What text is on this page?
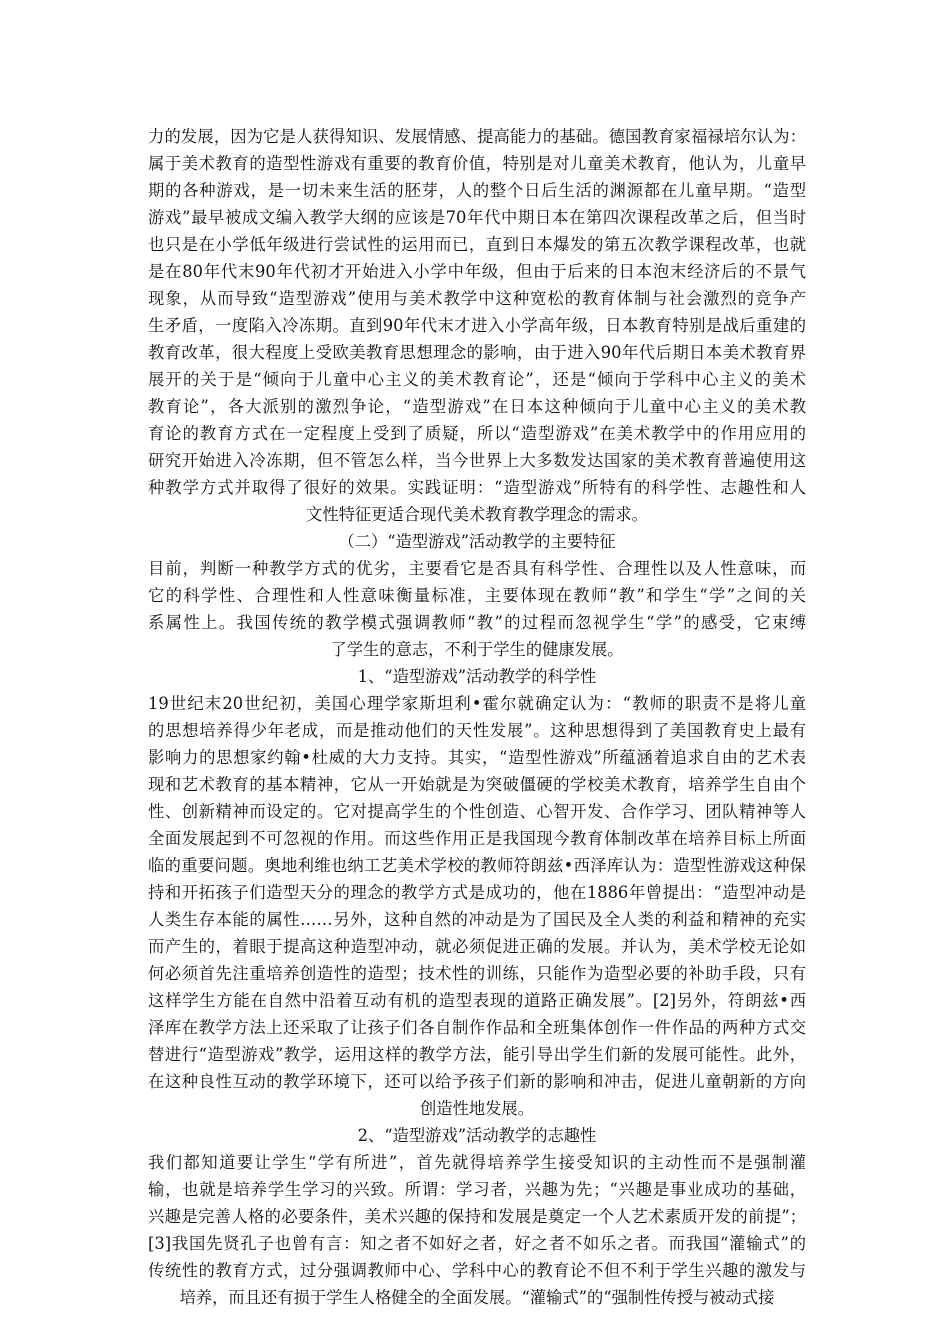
力的发展，因为它是人获得知识、发展情感、提高能力的基础。德国教育家福禄培尔认为：
属于美术教育的造型性游戏有重要的教育价值，特别是对儿童美术教育，他认为，儿童早
期的各种游戏，是一切未来生活的胚芽，人的整个日后生活的渊源都在儿童早期。“造型
游戏”最早被成文编入教学大纲的应该是70年代中期日本在第四次课程改革之后，但当时
也只是在小学低年级进行尝试性的运用而已，直到日本爆发的第五次教学课程改革，也就
是在80年代末90年代初才开始进入小学中年级，但由于后来的日本泡末经济后的不景气
现象，从而导致“造型游戏”使用与美术教学中这种宽松的教育体制与社会激烈的竞争产
生矛盾，一度陷入冷冻期。直到90年代末才进入小学高年级，日本教育特别是战后重建的
教育改革，很大程度上受欧美教育思想理念的影响，由于进入90年代后期日本美术教育界
展开的关于是“倾向于儿童中心主义的美术教育论”，还是“倾向于学科中心主义的美术
教育论”，各大派别的激烈争论，“造型游戏”在日本这种倾向于儿童中心主义的美术教
育论的教育方式在一定程度上受到了质疑，所以“造型游戏”在美术教学中的作用应用的
研究开始进入冷冻期，但不管怎么样，当今世界上大多数发达国家的美术教育普遍使用这
种教学方式并取得了很好的效果。实践证明：“造型游戏”所特有的科学性、志趣性和人
文性特征更适合现代美术教育教学理念的需求。
（二）“造型游戏”活动教学的主要特征
目前，判断一种教学方式的优劣，主要看它是否具有科学性、合理性以及人性意味，而
它的科学性、合理性和人性意味衡量标准，主要体现在教师“教”和学生“学”之间的关
系属性上。我国传统的教学模式强调教师“教”的过程而忽视学生“学”的感受，它束缚
了学生的意志，不利于学生的健康发展。
1、“造型游戏”活动教学的科学性
19世纪末20世纪初，美国心理学家斯坦利•霍尔就确定认为：“教师的职责不是将儿童
的思想培养得少年老成，而是推动他们的天性发展”。这种思想得到了美国教育史上最有
影响力的思想家约翰•杜威的大力支持。其实，“造型性游戏”所蕴涵着追求自由的艺术表
现和艺术教育的基本精神，它从一开始就是为突破僵硬的学校美术教育，培养学生自由个
性、创新精神而设定的。它对提高学生的个性创造、心智开发、合作学习、团队精神等人
全面发展起到不可忽视的作用。而这些作用正是我国现今教育体制改革在培养目标上所面
临的重要问题。奥地利维也纳工艺美术学校的教师符朗兹•西泽库认为：造型性游戏这种保
持和开拓孩子们造型天分的理念的教学方式是成功的，他在1886年曾提出：“造型冲动是
人类生存本能的属性……另外，这种自然的冲动是为了国民及全人类的利益和精神的充实
而产生的，着眼于提高这种造型冲动，就必须促进正确的发展。并认为，美术学校无论如
何必须首先注重培养创造性的造型；技术性的训练，只能作为造型必要的补助手段，只有
这样学生方能在自然中沿着互动有机的造型表现的道路正确发展”。[2]另外，符朗兹•西
泽库在教学方法上还采取了让孩子们各自制作作品和全班集体创作一件作品的两种方式交
替进行“造型游戏”教学，运用这样的教学方法，能引导出学生们新的发展可能性。此外，
在这种良性互动的教学环境下，还可以给予孩子们新的影响和冲击，促进儿童朝新的方向
创造性地发展。
2、“造型游戏”活动教学的志趣性
我们都知道要让学生“学有所进”，首先就得培养学生接受知识的主动性而不是强制灌
输，也就是培养学生学习的兴致。所谓：学习者，兴趣为先；“兴趣是事业成功的基础，
兴趣是完善人格的必要条件，美术兴趣的保持和发展是奠定一个人艺术素质开发的前提”；
[3]我国先贤孔子也曾有言：知之者不如好之者，好之者不如乐之者。而我国“灌输式”的
传统性的教育方式，过分强调教师中心、学科中心的教育论不但不利于学生兴趣的激发与
培养，而且还有损于学生人格健全的全面发展。“灌输式”的“强制性传授与被动式接
